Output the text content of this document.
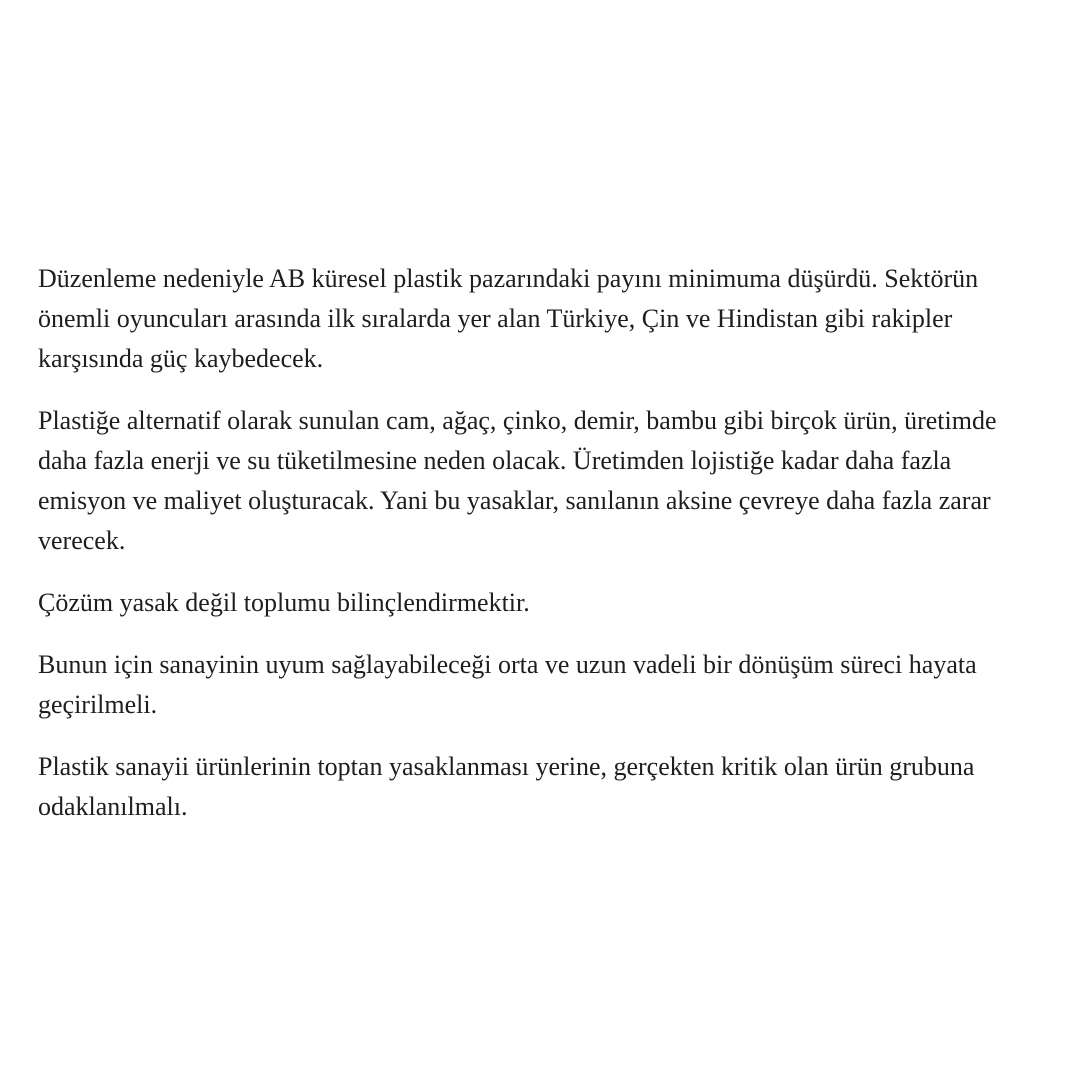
Düzenleme nedeniyle AB küresel plastik pazarındaki payını minimuma düşürdü. Sektörün
önemli oyuncuları arasında ilk sıralarda yer alan Türkiye, Çin ve Hindistan gibi rakipler
karşısında güç kaybedecek.

Plastiğe alternatif olarak sunulan cam, ağaç, çinko, demir, bambu gibi birçok ürün, üretimde
daha fazla enerji ve su tüketilmesine neden olacak. Üretimden lojistiğe kadar daha fazla
emisyon ve maliyet oluşturacak. Yani bu yasaklar, sanılanın aksine çevreye daha fazla zarar
verecek.

Çözüm yasak değil toplumu bilinçlendirmektir.

Bunun için sanayinin uyum sağlayabileceği orta ve uzun vadeli bir dönüşüm süreci hayata
geçirilmeli.

Plastik sanayii ürünlerinin toptan yasaklanması yerine, gerçekten kritik olan ürün grubuna
odaklanılmalı.
